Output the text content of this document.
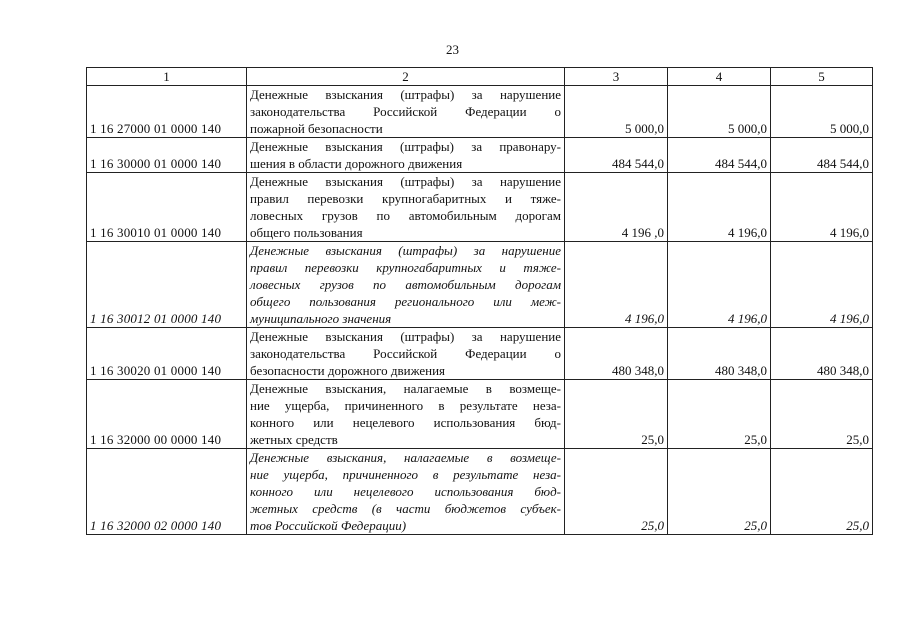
23
1	2	3	4	5
1 16 27000 01 0000 140	Денежные взыскания (штрафы) за нарушение
законодательства Российской Федерации о
пожарной безопасности	5 000,0	5 000,0	5 000,0
1 16 30000 01 0000 140	Денежные взыскания (штрафы) за правонару-
шения в области дорожного движения	484 544,0	484 544,0	484 544,0
1 16 30010 01 0000 140	Денежные взыскания (штрафы) за нарушение
правил перевозки крупногабаритных и тяже-
ловесных грузов по автомобильным дорогам
общего пользования	4 196 ,0	4 196,0	4 196,0
1 16 30012 01 0000 140	Денежные взыскания (штрафы) за нарушение
правил перевозки крупногабаритных и тяже-
ловесных грузов по автомобильным дорогам
общего пользования регионального или меж-
муниципального значения	4 196,0	4 196,0	4 196,0
1 16 30020 01 0000 140	Денежные взыскания (штрафы) за нарушение
законодательства Российской Федерации о
безопасности дорожного движения	480 348,0	480 348,0	480 348,0
1 16 32000 00 0000 140	Денежные взыскания, налагаемые в возмеще-
ние ущерба, причиненного в результате неза-
конного или нецелевого использования бюд-
жетных средств	25,0	25,0	25,0
1 16 32000 02 0000 140	Денежные взыскания, налагаемые в возмеще-
ние ущерба, причиненного в результате неза-
конного или нецелевого использования бюд-
жетных средств (в части бюджетов субъек-
тов Российской Федерации)	25,0	25,0	25,0
